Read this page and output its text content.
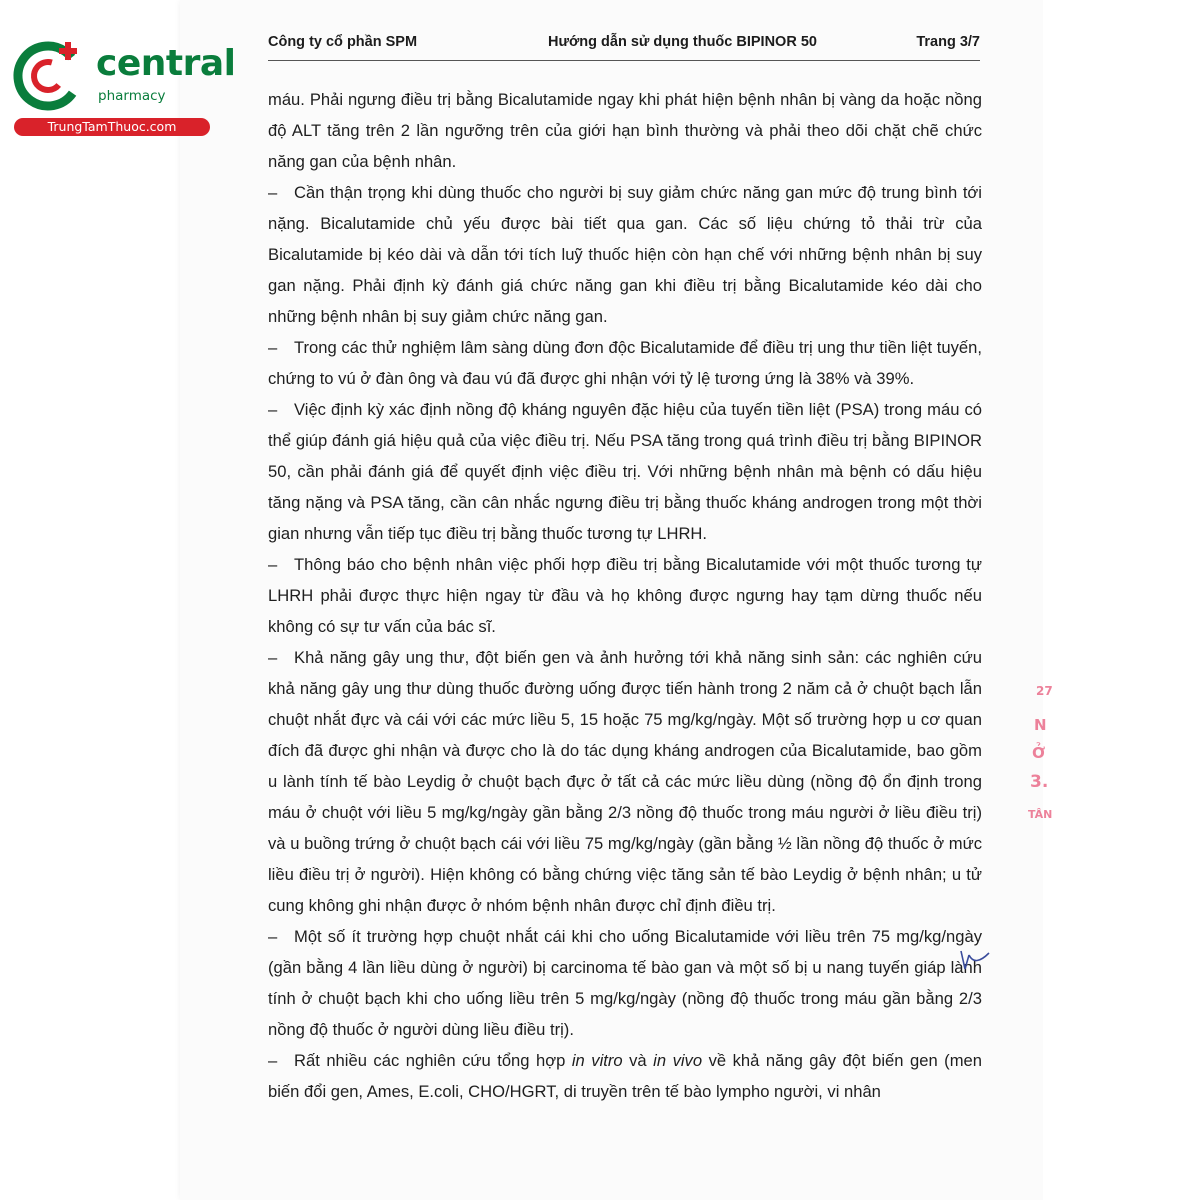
central
pharmacy
TrungTamThuoc.com
Công ty cổ phần SPM	Hướng dẫn sử dụng thuốc BIPINOR 50	Trang 3/7

máu. Phải ngưng điều trị bằng Bicalutamide ngay khi phát hiện bệnh nhân bị vàng da hoặc nồng độ ALT tăng trên 2 lần ngưỡng trên của giới hạn bình thường và phải theo dõi chặt chẽ chức năng gan của bệnh nhân.

– Cần thận trọng khi dùng thuốc cho người bị suy giảm chức năng gan mức độ trung bình tới nặng. Bicalutamide chủ yếu được bài tiết qua gan. Các số liệu chứng tỏ thải trừ của Bicalutamide bị kéo dài và dẫn tới tích luỹ thuốc hiện còn hạn chế với những bệnh nhân bị suy gan nặng. Phải định kỳ đánh giá chức năng gan khi điều trị bằng Bicalutamide kéo dài cho những bệnh nhân bị suy giảm chức năng gan.

– Trong các thử nghiệm lâm sàng dùng đơn độc Bicalutamide để điều trị ung thư tiền liệt tuyến, chứng to vú ở đàn ông và đau vú đã được ghi nhận với tỷ lệ tương ứng là 38% và 39%.

– Việc định kỳ xác định nồng độ kháng nguyên đặc hiệu của tuyến tiền liệt (PSA) trong máu có thể giúp đánh giá hiệu quả của việc điều trị. Nếu PSA tăng trong quá trình điều trị bằng BIPINOR 50, cần phải đánh giá để quyết định việc điều trị. Với những bệnh nhân mà bệnh có dấu hiệu tăng nặng và PSA tăng, cần cân nhắc ngưng điều trị bằng thuốc kháng androgen trong một thời gian nhưng vẫn tiếp tục điều trị bằng thuốc tương tự LHRH.

– Thông báo cho bệnh nhân việc phối hợp điều trị bằng Bicalutamide với một thuốc tương tự LHRH phải được thực hiện ngay từ đầu và họ không được ngưng hay tạm dừng thuốc nếu không có sự tư vấn của bác sĩ.

– Khả năng gây ung thư, đột biến gen và ảnh hưởng tới khả năng sinh sản: các nghiên cứu khả năng gây ung thư dùng thuốc đường uống được tiến hành trong 2 năm cả ở chuột bạch lẫn chuột nhắt đực và cái với các mức liều 5, 15 hoặc 75 mg/kg/ngày. Một số trường hợp u cơ quan đích đã được ghi nhận và được cho là do tác dụng kháng androgen của Bicalutamide, bao gồm u lành tính tế bào Leydig ở chuột bạch đực ở tất cả các mức liều dùng (nồng độ ổn định trong máu ở chuột với liều 5 mg/kg/ngày gần bằng 2/3 nồng độ thuốc trong máu người ở liều điều trị) và u buồng trứng ở chuột bạch cái với liều 75 mg/kg/ngày (gần bằng ½ lần nồng độ thuốc ở mức liều điều trị ở người). Hiện không có bằng chứng việc tăng sản tế bào Leydig ở bệnh nhân; u tử cung không ghi nhận được ở nhóm bệnh nhân được chỉ định điều trị.

– Một số ít trường hợp chuột nhắt cái khi cho uống Bicalutamide với liều trên 75 mg/kg/ngày (gần bằng 4 lần liều dùng ở người) bị carcinoma tế bào gan và một số bị u nang tuyến giáp lành tính ở chuột bạch khi cho uống liều trên 5 mg/kg/ngày (nồng độ thuốc trong máu gần bằng 2/3 nồng độ thuốc ở người dùng liều điều trị).

– Rất nhiều các nghiên cứu tổng hợp in vitro và in vivo về khả năng gây đột biến gen (men biến đổi gen, Ames, E.coli, CHO/HGRT, di truyền trên tế bào lympho người, vi nhân

27
N
Ở
3.
TÂN
